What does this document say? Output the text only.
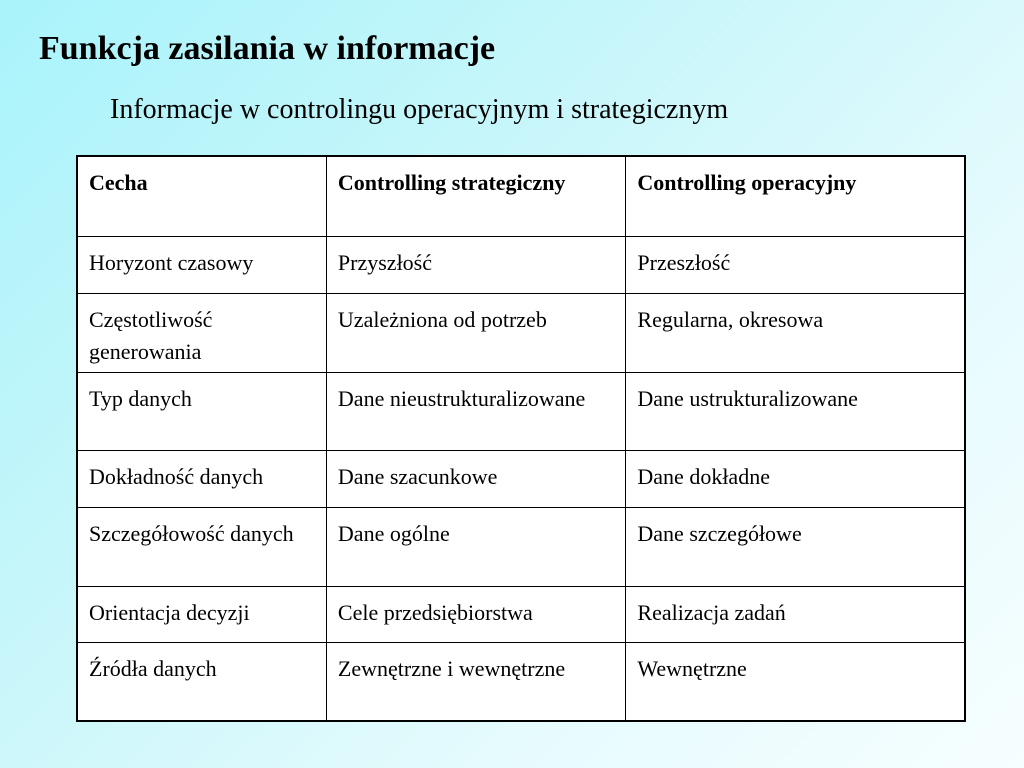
Funkcja zasilania w informacje
Informacje w controlingu operacyjnym i strategicznym
Cecha	Controlling strategiczny	Controlling operacyjny
Horyzont czasowy	Przyszłość	Przeszłość
Częstotliwość generowania	Uzależniona od potrzeb	Regularna, okresowa
Typ danych	Dane nieustrukturalizowane	Dane ustrukturalizowane
Dokładność danych	Dane szacunkowe	Dane dokładne
Szczegółowość danych	Dane ogólne	Dane szczegółowe
Orientacja decyzji	Cele przedsiębiorstwa	Realizacja zadań
Źródła danych	Zewnętrzne i wewnętrzne	Wewnętrzne
